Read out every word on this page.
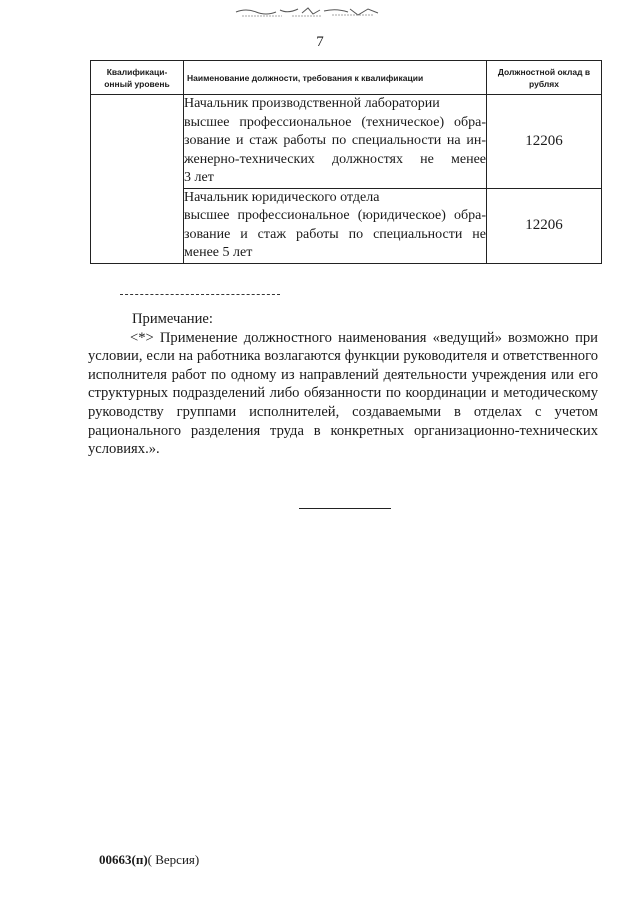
7
Квалификаци-онный уровень	Наименование должности, требования к квалификации	Должностной оклад в рублях

	Начальник производственной лаборатории
высшее профессиональное (техническое) обра-
зование и стаж работы по специальности на ин-
женерно-технических должностях не менее
3 лет	12206

	Начальник юридического отдела
высшее профессиональное (юридическое) обра-
зование и стаж работы по специальности не
менее 5 лет	12206
Примечание:
<*> Применение должностного наименования «ведущий» возможно при условии, если на работника возлагаются функции руководителя и ответственного исполнителя работ по одному из направлений деятельности учреждения или его структурных подразделений либо обязанности по координации и методическому руководству группами исполнителей, создаваемыми в отделах с учетом рационального разделения труда в конкретных организационно-технических условиях.».
00663(п)( Версия)
